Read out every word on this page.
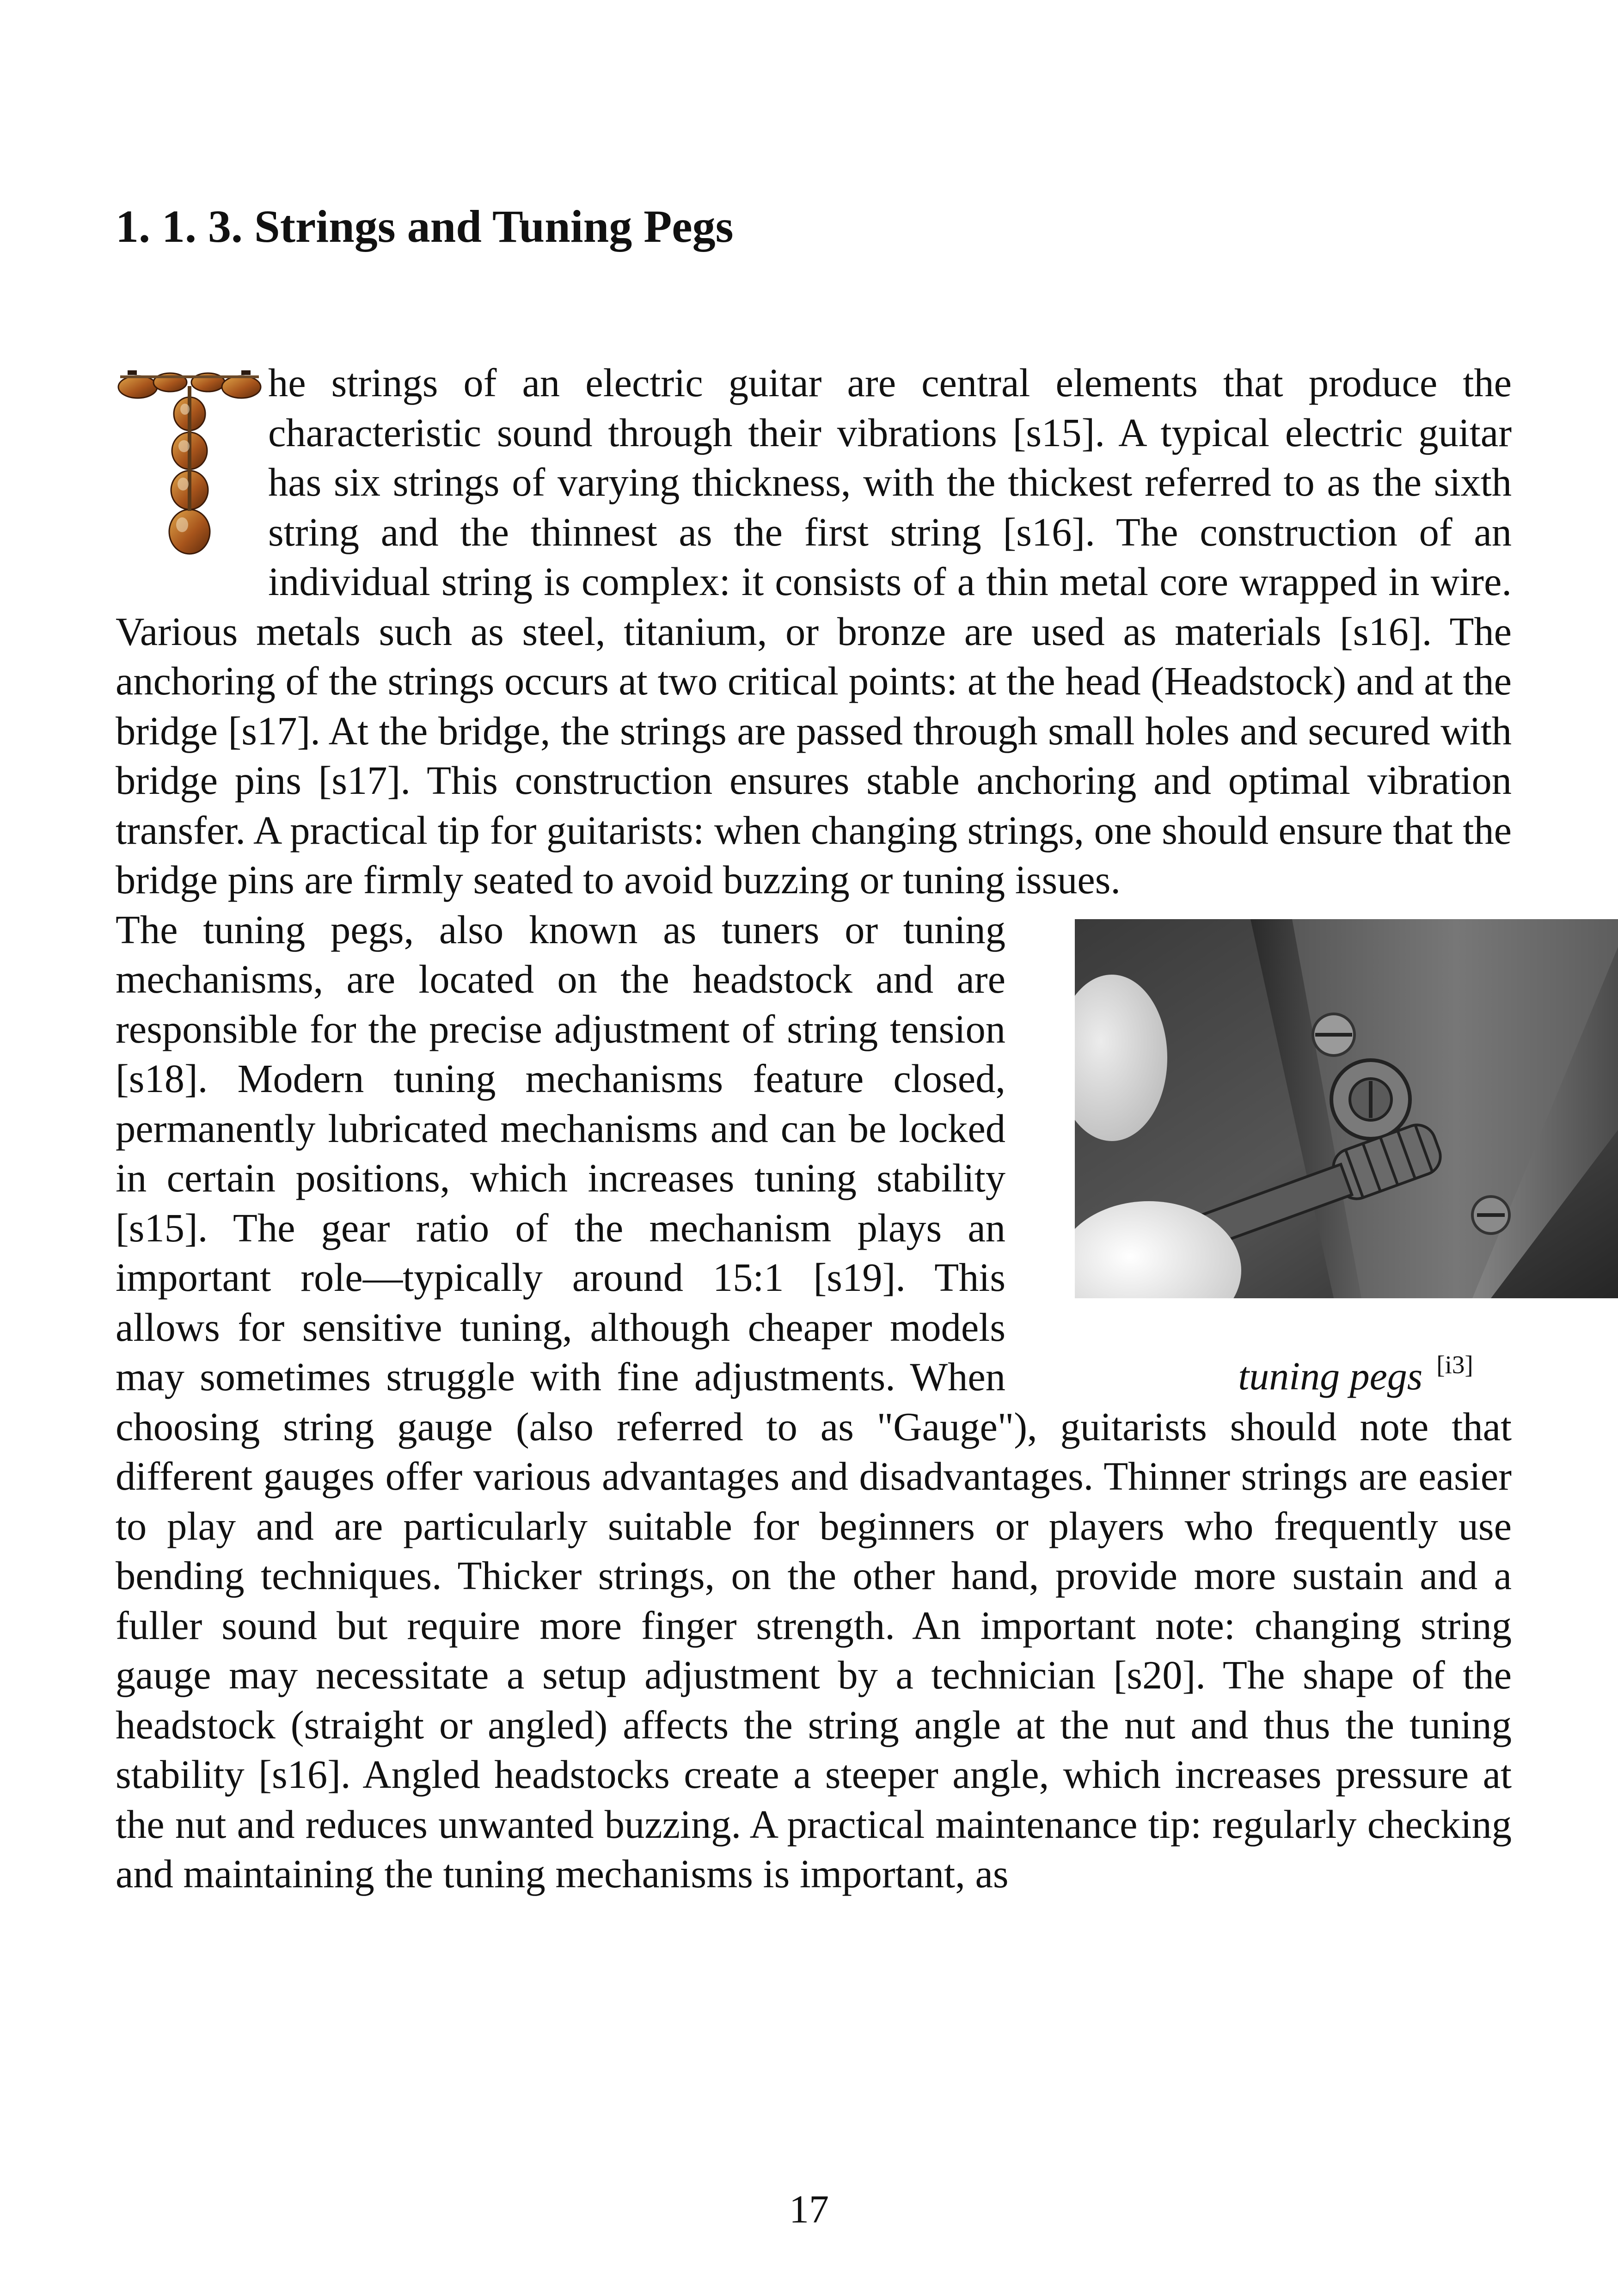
1. 1. 3. Strings and Tuning Pegs

he strings of an electric guitar are central elements that produce the characteristic sound through their vibrations [s15]. A typical electric guitar has six strings of varying thickness, with the thickest referred to as the sixth string and the thinnest as the first string [s16]. The construction of an individual string is complex: it consists of a thin metal core wrapped in wire. Various metals such as steel, titanium, or bronze are used as materials [s16]. The anchoring of the strings occurs at two critical points: at the head (Headstock) and at the bridge [s17]. At the bridge, the strings are passed through small holes and secured with bridge pins [s17]. This construction ensures stable anchoring and optimal vibration transfer. A practical tip for guitarists: when changing strings, one should ensure that the bridge pins are firmly seated to avoid buzzing or tuning issues.

tuning pegs [i3]

The tuning pegs, also known as tuners or tuning mechanisms, are located on the headstock and are responsible for the precise adjustment of string tension [s18]. Modern tuning mechanisms feature closed, permanently lubricated mechanisms and can be locked in certain positions, which increases tuning stability [s15]. The gear ratio of the mechanism plays an important role—typically around 15:1 [s19]. This allows for sensitive tuning, although cheaper models may sometimes struggle with fine adjustments. When choosing string gauge (also referred to as "Gauge"), guitarists should note that different gauges offer various advantages and disadvantages. Thinner strings are easier to play and are particularly suitable for beginners or players who frequently use bending techniques. Thicker strings, on the other hand, provide more sustain and a fuller sound but require more finger strength. An important note: changing string gauge may necessitate a setup adjustment by a technician [s20]. The shape of the headstock (straight or angled) affects the string angle at the nut and thus the tuning stability [s16]. Angled headstocks create a steeper angle, which increases pressure at the nut and reduces unwanted buzzing. A practical maintenance tip: regularly checking and maintaining the tuning mechanisms is important, as

17
